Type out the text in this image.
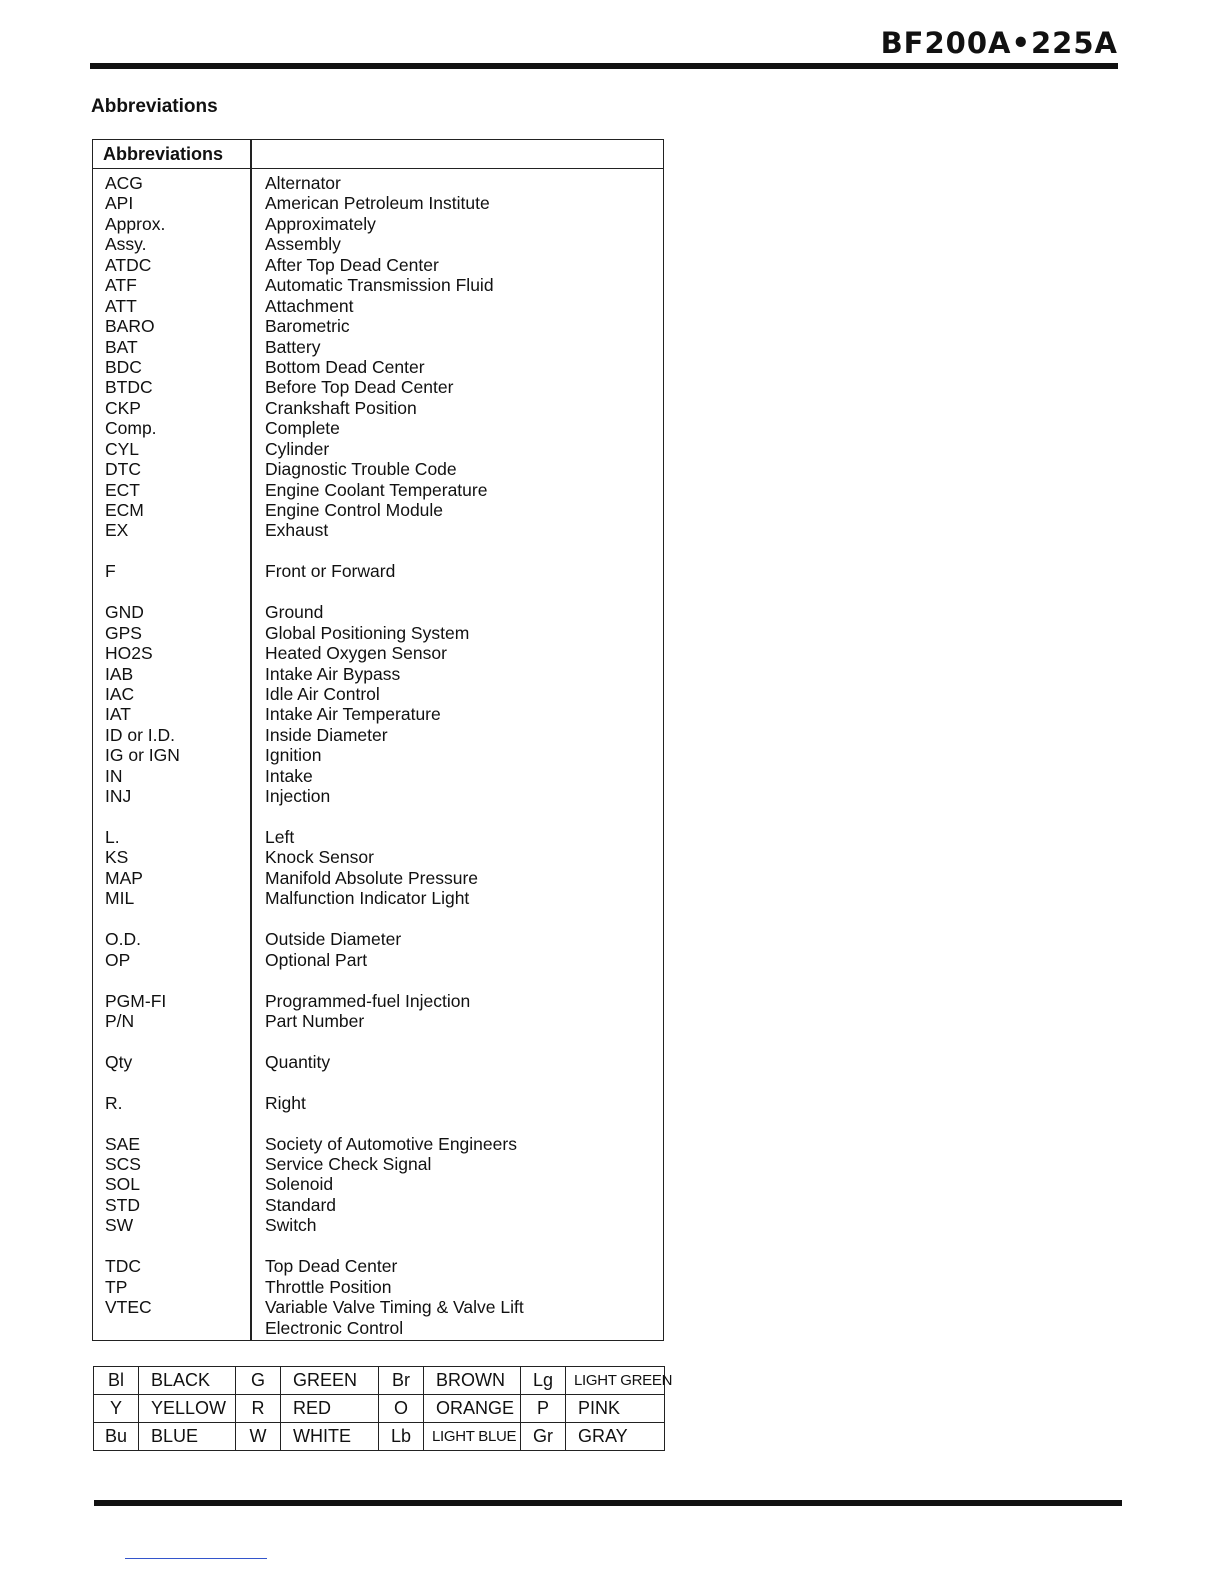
BF200A•225A
Abbreviations
Abbreviations
ACG	Alternator
API	American Petroleum Institute
Approx.	Approximately
Assy.	Assembly
ATDC	After Top Dead Center
ATF	Automatic Transmission Fluid
ATT	Attachment
BARO	Barometric
BAT	Battery
BDC	Bottom Dead Center
BTDC	Before Top Dead Center
CKP	Crankshaft Position
Comp.	Complete
CYL	Cylinder
DTC	Diagnostic Trouble Code
ECT	Engine Coolant Temperature
ECM	Engine Control Module
EX	Exhaust
F	Front or Forward
GND	Ground
GPS	Global Positioning System
HO2S	Heated Oxygen Sensor
IAB	Intake Air Bypass
IAC	Idle Air Control
IAT	Intake Air Temperature
ID or I.D.	Inside Diameter
IG or IGN	Ignition
IN	Intake
INJ	Injection
L.	Left
KS	Knock Sensor
MAP	Manifold Absolute Pressure
MIL	Malfunction Indicator Light
O.D.	Outside Diameter
OP	Optional Part
PGM-FI	Programmed-fuel Injection
P/N	Part Number
Qty	Quantity
R.	Right
SAE	Society of Automotive Engineers
SCS	Service Check Signal
SOL	Solenoid
STD	Standard
SW	Switch
TDC	Top Dead Center
TP	Throttle Position
VTEC	Variable Valve Timing & Valve Lift
Electronic Control
Bl	BLACK	G	GREEN	Br	BROWN	Lg	LIGHT GREEN
Y	YELLOW	R	RED	O	ORANGE	P	PINK
Bu	BLUE	W	WHITE	Lb	LIGHT BLUE	Gr	GRAY
